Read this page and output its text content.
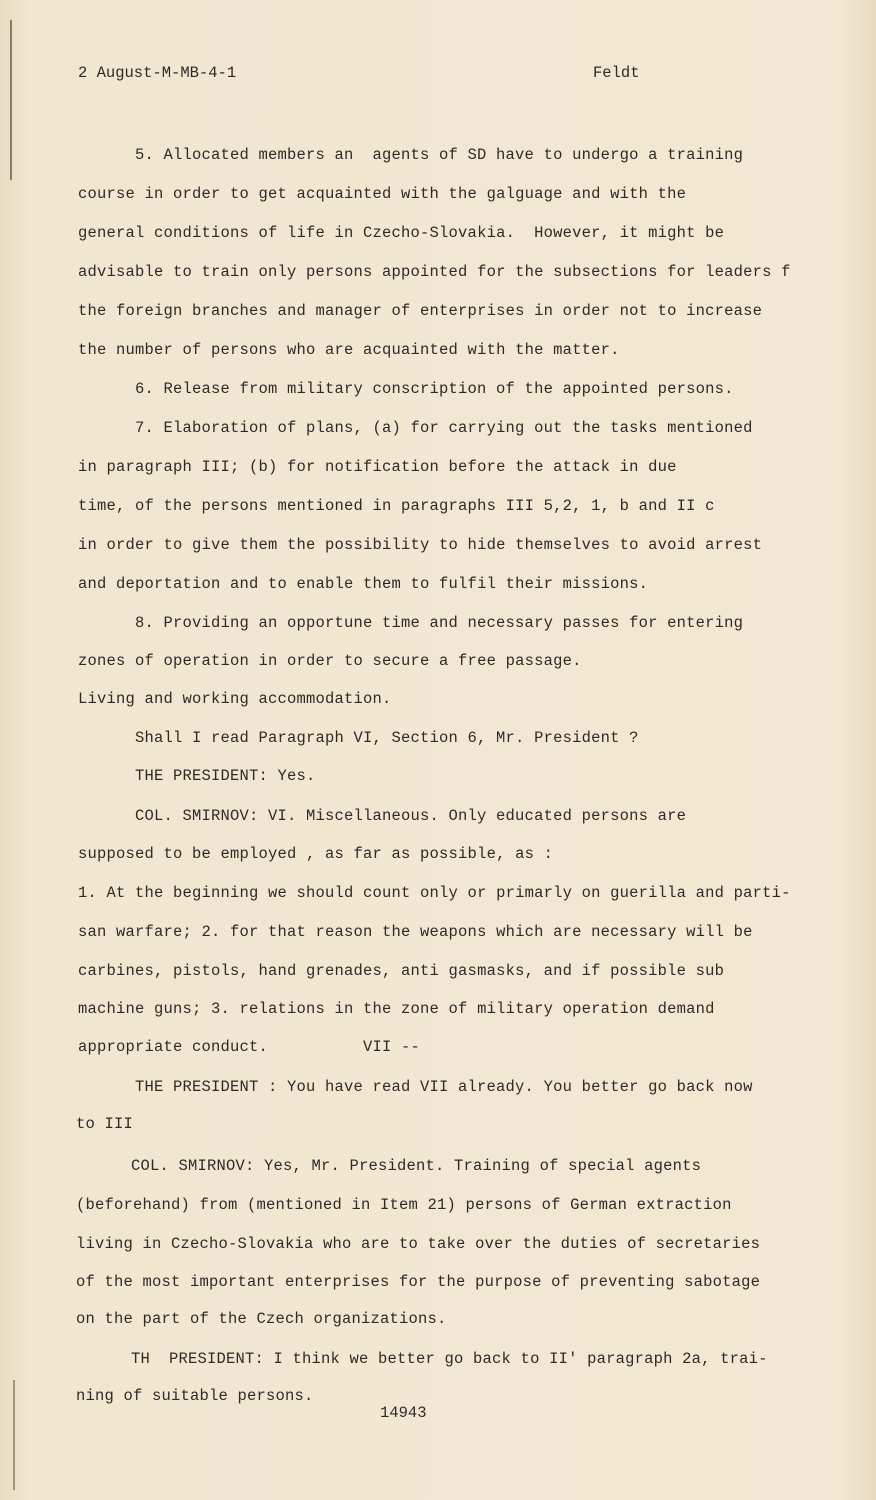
2 August-M-MB-4-1	Feldt
5. Allocated members an  agents of SD have to undergo a training
course in order to get acquainted with the galguage and with the
general conditions of life in Czecho-Slovakia.  However, it might be
advisable to train only persons appointed for the subsections for leaders f
the foreign branches and manager of enterprises in order not to increase
the number of persons who are acquainted with the matter.
6. Release from military conscription of the appointed persons.
7. Elaboration of plans, (a) for carrying out the tasks mentioned
in paragraph III; (b) for notification before the attack in due
time, of the persons mentioned in paragraphs III 5,2, 1, b and II c
in order to give them the possibility to hide themselves to avoid arrest
and deportation and to enable them to fulfil their missions.
8. Providing an opportune time and necessary passes for entering
zones of operation in order to secure a free passage.
Living and working accommodation.
Shall I read Paragraph VI, Section 6, Mr. President ?
THE PRESIDENT: Yes.
COL. SMIRNOV: VI. Miscellaneous. Only educated persons are
supposed to be employed , as far as possible, as :
1. At the beginning we should count only or primarly on guerilla and parti-
san warfare; 2. for that reason the weapons which are necessary will be
carbines, pistols, hand grenades, anti gasmasks, and if possible sub
machine guns; 3. relations in the zone of military operation demand
appropriate conduct.          VII --
THE PRESIDENT : You have read VII already. You better go back now
to III
COL. SMIRNOV: Yes, Mr. President. Training of special agents
(beforehand) from (mentioned in Item 21) persons of German extraction
living in Czecho-Slovakia who are to take over the duties of secretaries
of the most important enterprises for the purpose of preventing sabotage
on the part of the Czech organizations.
TH  PRESIDENT: I think we better go back to II' paragraph 2a, trai-
ning of suitable persons.
14943
